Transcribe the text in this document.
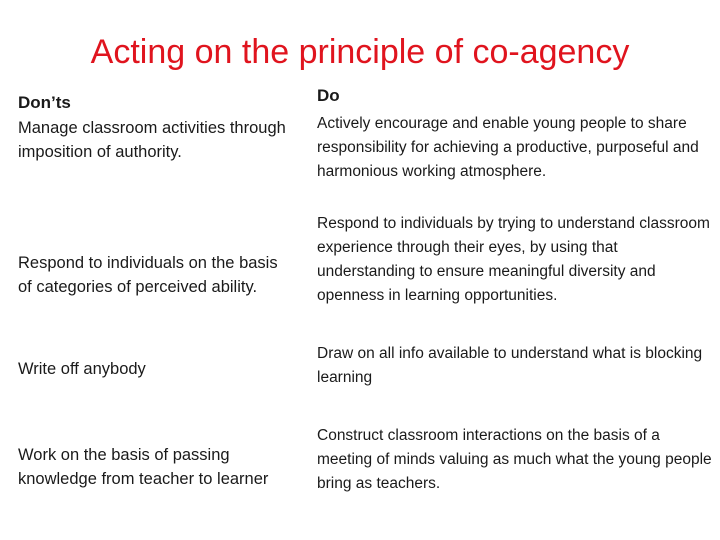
Acting on the principle of co-agency
Don’ts
Manage classroom activities through imposition of authority.
Respond to individuals on the basis of categories of perceived ability.
Write off anybody
Work on the basis of passing knowledge from teacher to learner
Do
Actively encourage and enable young people to share responsibility for achieving a productive, purposeful and harmonious working atmosphere.
Respond to individuals by trying to understand classroom experience through their eyes, by using that understanding to ensure meaningful diversity and openness in learning opportunities.
Draw on all info available to understand what is blocking learning
Construct classroom interactions on the basis of a meeting of minds valuing as much what the young people bring as teachers.
